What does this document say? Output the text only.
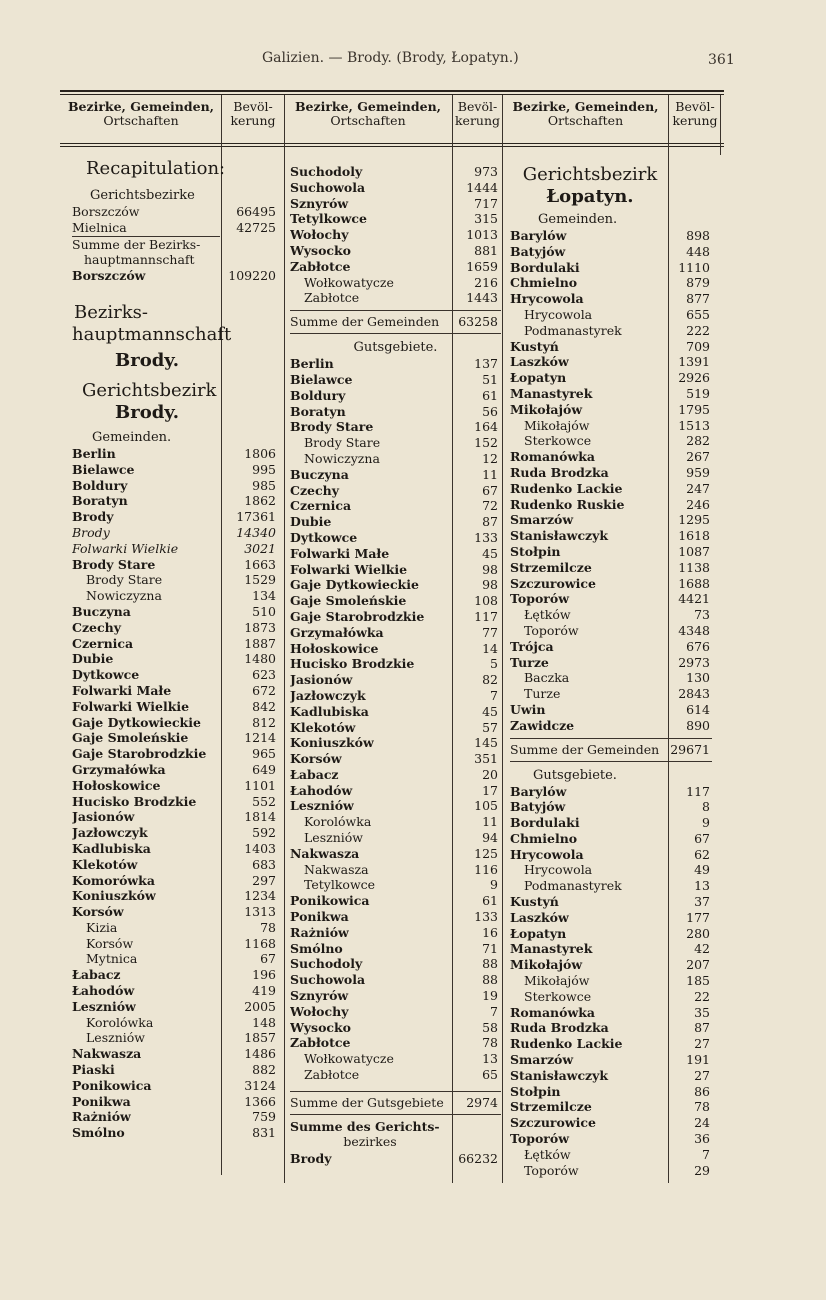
Galizien. — Brody. (Brody, Łopatyn.)	361
Bezirke, Gemeinden,
Ortschaften
Bevöl-
kerung
Bezirke, Gemeinden,
Ortschaften
Bevöl-
kerung
Bezirke, Gemeinden,
Ortschaften
Bevöl-
kerung
Recapitulation:
Gerichtsbezirke
Borszczów	66495
Mielnica	42725
Summe der Bezirks-
hauptmannschaft
Borszczów	109220
Bezirks-
hauptmannschaft
Brody.
Gerichtsbezirk
Brody.
Gemeinden.
Berlin	1806
Bielawce	995
Boldury	985
Boratyn	1862
Brody	17361
Brody	14340
Folwarki Wielkie	3021
Brody Stare	1663
Brody Stare	1529
Nowiczyzna	134
Buczyna	510
Czechy	1873
Czernica	1887
Dubie	1480
Dytkowce	623
Folwarki Małe	672
Folwarki Wielkie	842
Gaje Dytkowieckie	812
Gaje Smoleńskie	1214
Gaje Starobrodzkie	965
Grzymałówka	649
Hołoskowice	1101
Hucisko Brodzkie	552
Jasionów	1814
Jazłowczyk	592
Kadlubiska	1403
Klekotów	683
Komorówka	297
Koniuszków	1234
Korsów	1313
Kizia	78
Korsów	1168
Mytnica	67
Łabacz	196
Łahodów	419
Leszniów	2005
Korolówka	148
Leszniów	1857
Nakwasza	1486
Piaski	882
Ponikowica	3124
Ponikwa	1366
Rażniów	759
Smólno	831
Suchodoly	973
Suchowola	1444
Sznyrów	717
Tetylkowce	315
Wołochy	1013
Wysocko	881
Zabłotce	1659
Wołkowatycze	216
Zabłotce	1443
Summe der Gemeinden	63258
Gutsgebiete.
Berlin	137
Bielawce	51
Boldury	61
Boratyn	56
Brody Stare	164
Brody Stare	152
Nowiczyzna	12
Buczyna	11
Czechy	67
Czernica	72
Dubie	87
Dytkowce	133
Folwarki Małe	45
Folwarki Wielkie	98
Gaje Dytkowieckie	98
Gaje Smoleńskie	108
Gaje Starobrodzkie	117
Grzymałówka	77
Hołoskowice	14
Hucisko Brodzkie	5
Jasionów	82
Jazłowczyk	7
Kadlubiska	45
Klekotów	57
Koniuszków	145
Korsów	351
Łabacz	20
Łahodów	17
Leszniów	105
Korolówka	11
Leszniów	94
Nakwasza	125
Nakwasza	116
Tetylkowce	9
Ponikowica	61
Ponikwa	133
Rażniów	16
Smólno	71
Suchodoly	88
Suchowola	88
Sznyrów	19
Wołochy	7
Wysocko	58
Zabłotce	78
Wołkowatycze	13
Zabłotce	65
Summe der Gutsgebiete	2974
Summe des Gerichts-
bezirkes
Brody	66232
Gerichtsbezirk
Łopatyn.
Gemeinden.
Barylów	898
Batyjów	448
Bordulaki	1110
Chmielno	879
Hrycowola	877
Hrycowola	655
Podmanastyrek	222
Kustyń	709
Laszków	1391
Łopatyn	2926
Manastyrek	519
Mikołajów	1795
Mikołajów	1513
Sterkowce	282
Romanówka	267
Ruda Brodzka	959
Rudenko Lackie	247
Rudenko Ruskie	246
Smarzów	1295
Stanisławczyk	1618
Stołpin	1087
Strzemilcze	1138
Szczurowice	1688
Toporów	4421
Łętków	73
Toporów	4348
Trójca	676
Turze	2973
Baczka	130
Turze	2843
Uwin	614
Zawidcze	890
Summe der Gemeinden 29671
Gutsgebiete.
Barylów	117
Batyjów	8
Bordulaki	9
Chmielno	67
Hrycowola	62
Hrycowola	49
Podmanastyrek	13
Kustyń	37
Laszków	177
Łopatyn	280
Manastyrek	42
Mikołajów	207
Mikołajów	185
Sterkowce	22
Romanówka	35
Ruda Brodzka	87
Rudenko Lackie	27
Smarzów	191
Stanisławczyk	27
Stołpin	86
Strzemilcze	78
Szczurowice	24
Toporów	36
Łętków	7
Toporów	29
